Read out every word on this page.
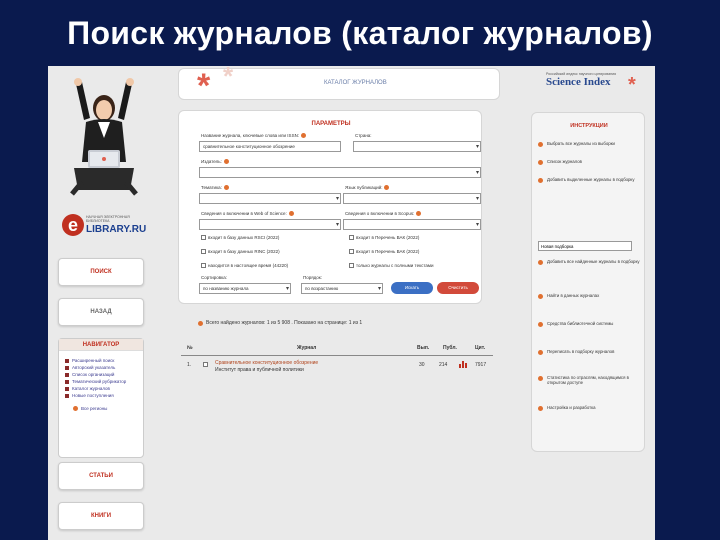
Поиск журналов (каталог журналов)
e	НАУЧНАЯ ЭЛЕКТРОННАЯ БИБЛИОТЕКА
LIBRARY.RU
ПОИСК
НАЗАД
НАВИГАТОР
Расширенный поиск
Авторский указатель
Список организаций
Тематический рубрикатор
Каталог журналов
Новые поступления
Все регионы
СТАТЬИ
КНИГИ
* *	КАТАЛОГ ЖУРНАЛОВ
Российский индекс научного цитирования
Science Index *
ПАРАМЕТРЫ
Название журнала, ключевые слова или ISSN:
сравнительное конституционное обозрение
Страна:
▾
Издатель:
▾
Тематика:
▾	Язык публикаций:
▾
Сведения о включении в Web of Science:
▾	Сведения о включении в Scopus:
▾
входит в базу данных RSCI (2022)	входит в Перечень ВАК (2022)
входит в базу данных RINC (2022)	входит в Перечень ВАК (2022)
находится в настоящее время (44220)	только журналы с полными текстами
Сортировка:
по названию журнала ▾
Порядок:
по возрастанию ▾	Искать	Очистить
Всего найдено журналов: 1 из 5 908 . Показано на странице: 1 из 1
№	Журнал	Вып.	Публ.	Цит.
1.	Сравнительное конституционное обозрение
Институт права и публичной политики
30	214	7917
ИНСТРУКЦИИ
Выбрать все журналы из выборки
Список журналов
Добавить выделенные журналы в подборку
Новая подборка
Добавить все найденные журналы в подборку
Найти в данных журналах
Средства библиотечной системы
Переписать в подборку журналов
Статистика по отраслям, находящимся в открытом доступе
Настройка и разработка
